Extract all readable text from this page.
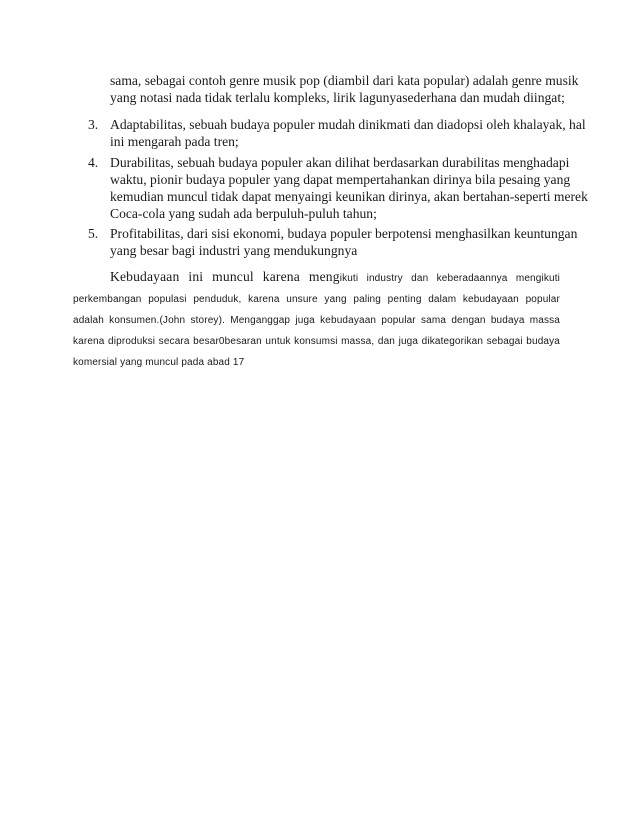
sama, sebagai contoh genre musik pop (diambil dari kata popular) adalah genre musik
yang notasi nada tidak terlalu kompleks, lirik lagunyasederhana dan mudah diingat;
3. Adaptabilitas, sebuah budaya populer mudah dinikmati dan diadopsi oleh khalayak, hal
ini mengarah pada tren;
4. Durabilitas, sebuah budaya populer akan dilihat berdasarkan durabilitas menghadapi
waktu, pionir budaya populer yang dapat mempertahankan dirinya bila pesaing yang
kemudian muncul tidak dapat menyaingi keunikan dirinya, akan bertahan-seperti merek
Coca-cola yang sudah ada berpuluh-puluh tahun;
5. Profitabilitas, dari sisi ekonomi, budaya populer berpotensi menghasilkan keuntungan
yang besar bagi industri yang mendukungnya
Kebudayaan ini muncul karena mengikuti industry dan keberadaannya mengikuti
perkembangan populasi penduduk, karena unsure yang paling penting dalam kebudayaan popular
adalah konsumen.(John storey). Menganggap juga kebudayaan popular sama dengan budaya massa
karena diproduksi secara besar0besaran untuk konsumsi massa, dan juga dikategorikan sebagai budaya
komersial yang muncul pada abad 17
